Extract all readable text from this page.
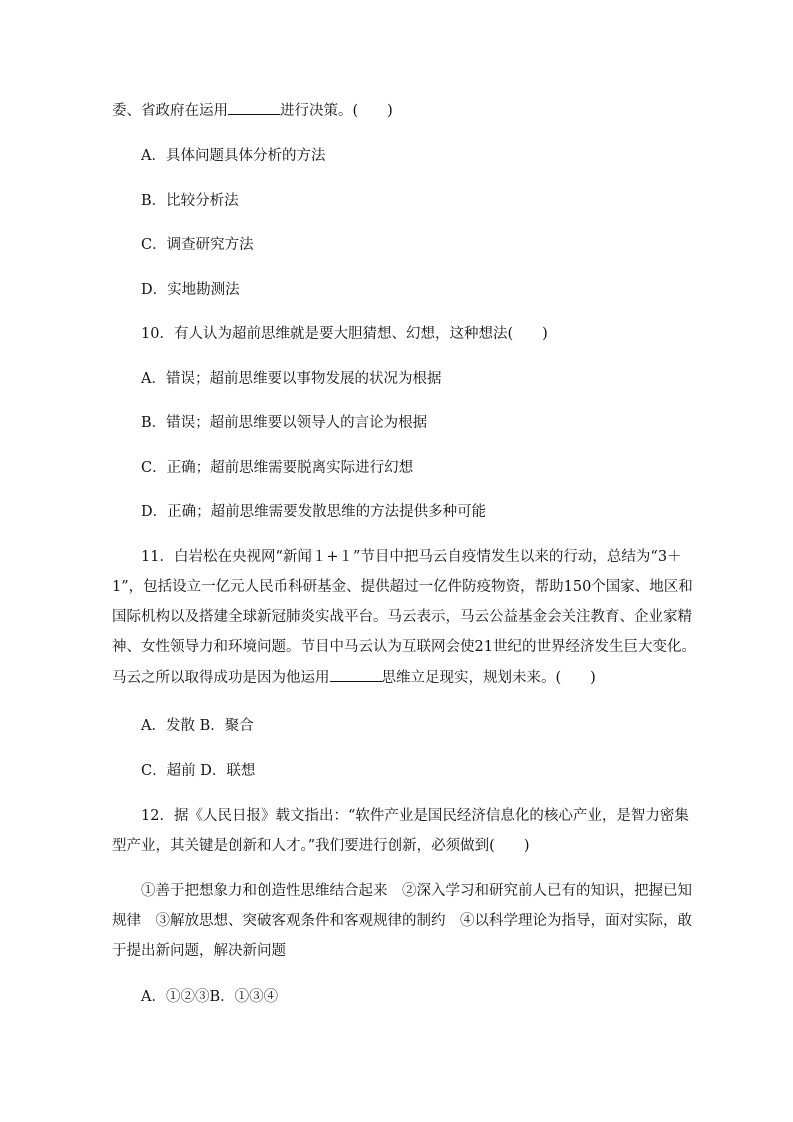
委、省政府在运用	进行决策。(　　)
A．具体问题具体分析的方法
B．比较分析法
C．调查研究方法
D．实地勘测法
10．有人认为超前思维就是要大胆猜想、幻想，这种想法(　　)
A．错误；超前思维要以事物发展的状况为根据
B．错误；超前思维要以领导人的言论为根据
C．正确；超前思维需要脱离实际进行幻想
D．正确；超前思维需要发散思维的方法提供多种可能
11．白岩松在央视网“新闻１+１”节目中把马云自疫情发生以来的行动，总结为“3＋
1”，包括设立一亿元人民币科研基金、提供超过一亿件防疫物资，帮助150个国家、地区和
国际机构以及搭建全球新冠肺炎实战平台。马云表示，马云公益基金会关注教育、企业家精
神、女性领导力和环境问题。节目中马云认为互联网会使21世纪的世界经济发生巨大变化。
马云之所以取得成功是因为他运用	思维立足现实，规划未来。(　　)
A．发散 B．聚合
C．超前 D．联想
12．据《人民日报》载文指出：“软件产业是国民经济信息化的核心产业，是智力密集
型产业，其关键是创新和人才。”我们要进行创新，必须做到(　　)
①善于把想象力和创造性思维结合起来　②深入学习和研究前人已有的知识，把握已知
规律　③解放思想、突破客观条件和客观规律的制约　④以科学理论为指导，面对实际，敢
于提出新问题，解决新问题
A．①②③B．①③④
